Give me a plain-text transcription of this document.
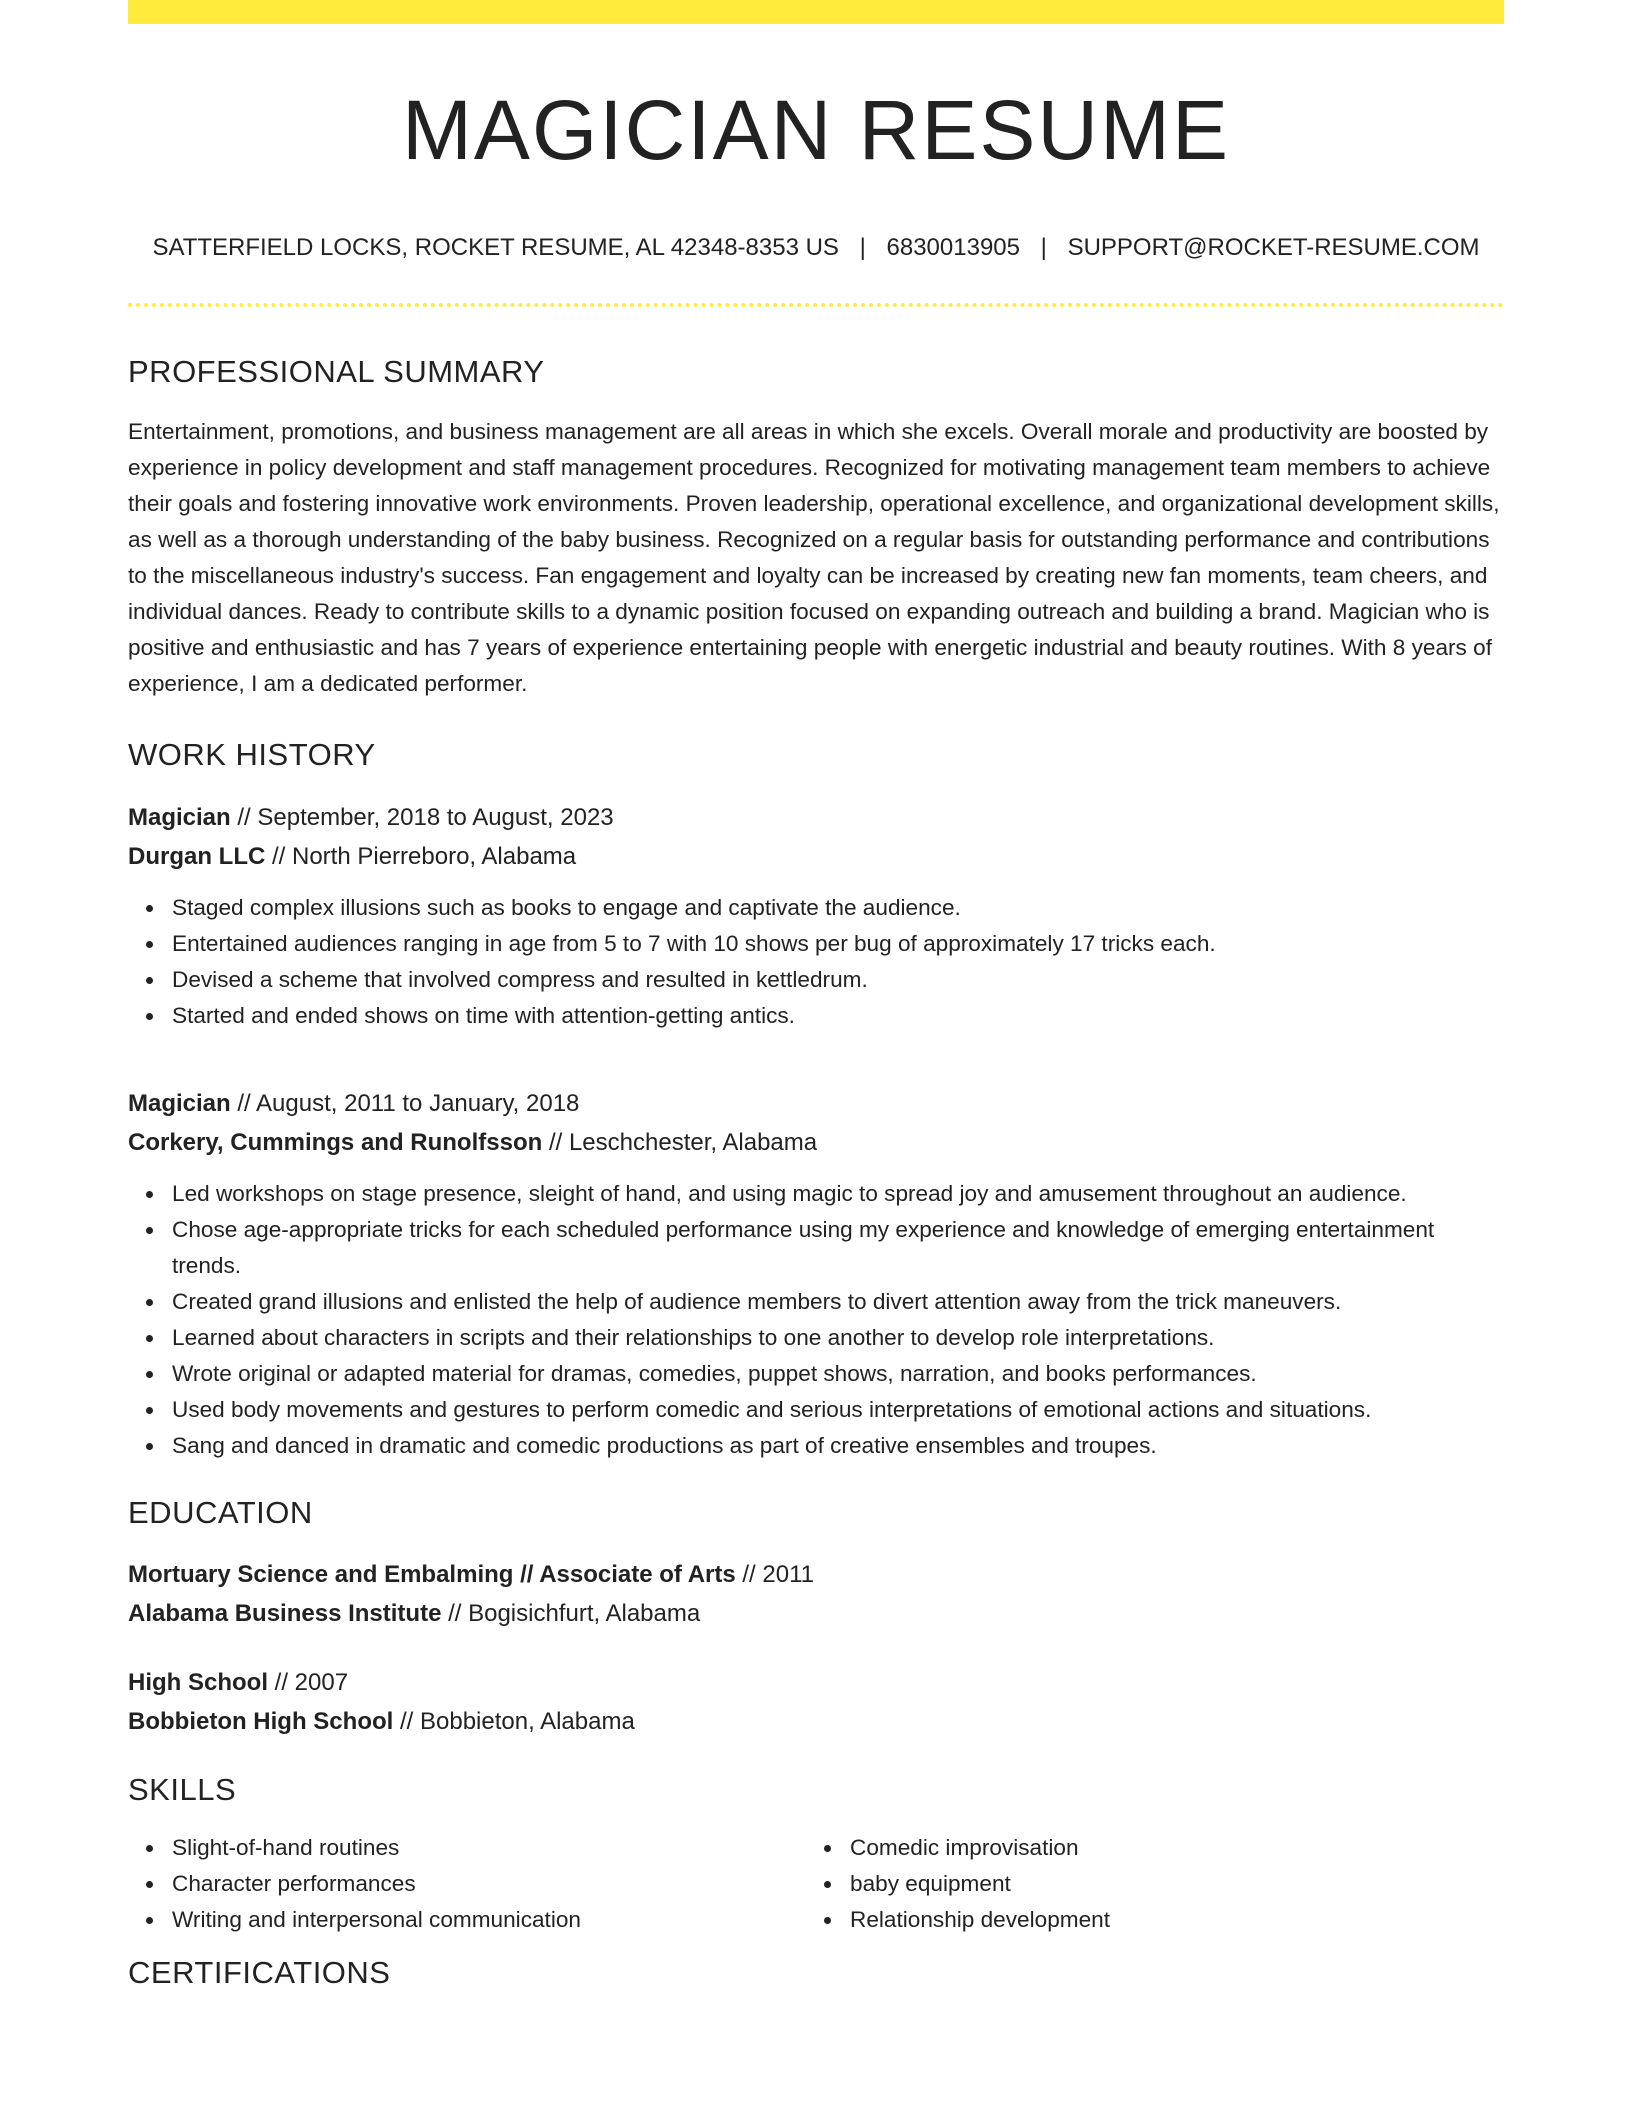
MAGICIAN RESUME
SATTERFIELD LOCKS, ROCKET RESUME, AL 42348-8353 US | 6830013905 | SUPPORT@ROCKET-RESUME.COM
PROFESSIONAL SUMMARY

Entertainment, promotions, and business management are all areas in which she excels. Overall morale and productivity are boosted by experience in policy development and staff management procedures. Recognized for motivating management team members to achieve their goals and fostering innovative work environments. Proven leadership, operational excellence, and organizational development skills, as well as a thorough understanding of the baby business. Recognized on a regular basis for outstanding performance and contributions to the miscellaneous industry's success. Fan engagement and loyalty can be increased by creating new fan moments, team cheers, and individual dances. Ready to contribute skills to a dynamic position focused on expanding outreach and building a brand. Magician who is positive and enthusiastic and has 7 years of experience entertaining people with energetic industrial and beauty routines. With 8 years of experience, I am a dedicated performer.

WORK HISTORY
Magician // September, 2018 to August, 2023
Durgan LLC // North Pierreboro, Alabama
Staged complex illusions such as books to engage and captivate the audience.
Entertained audiences ranging in age from 5 to 7 with 10 shows per bug of approximately 17 tricks each.
Devised a scheme that involved compress and resulted in kettledrum.
Started and ended shows on time with attention-getting antics.
Magician // August, 2011 to January, 2018
Corkery, Cummings and Runolfsson // Leschchester, Alabama
Led workshops on stage presence, sleight of hand, and using magic to spread joy and amusement throughout an audience.
Chose age-appropriate tricks for each scheduled performance using my experience and knowledge of emerging entertainment trends.
Created grand illusions and enlisted the help of audience members to divert attention away from the trick maneuvers.
Learned about characters in scripts and their relationships to one another to develop role interpretations.
Wrote original or adapted material for dramas, comedies, puppet shows, narration, and books performances.
Used body movements and gestures to perform comedic and serious interpretations of emotional actions and situations.
Sang and danced in dramatic and comedic productions as part of creative ensembles and troupes.
EDUCATION
Mortuary Science and Embalming // Associate of Arts // 2011
Alabama Business Institute // Bogisichfurt, Alabama
High School // 2007
Bobbieton High School // Bobbieton, Alabama
SKILLS
Slight-of-hand routines
Character performances
Writing and interpersonal communication
Comedic improvisation
baby equipment
Relationship development
CERTIFICATIONS
